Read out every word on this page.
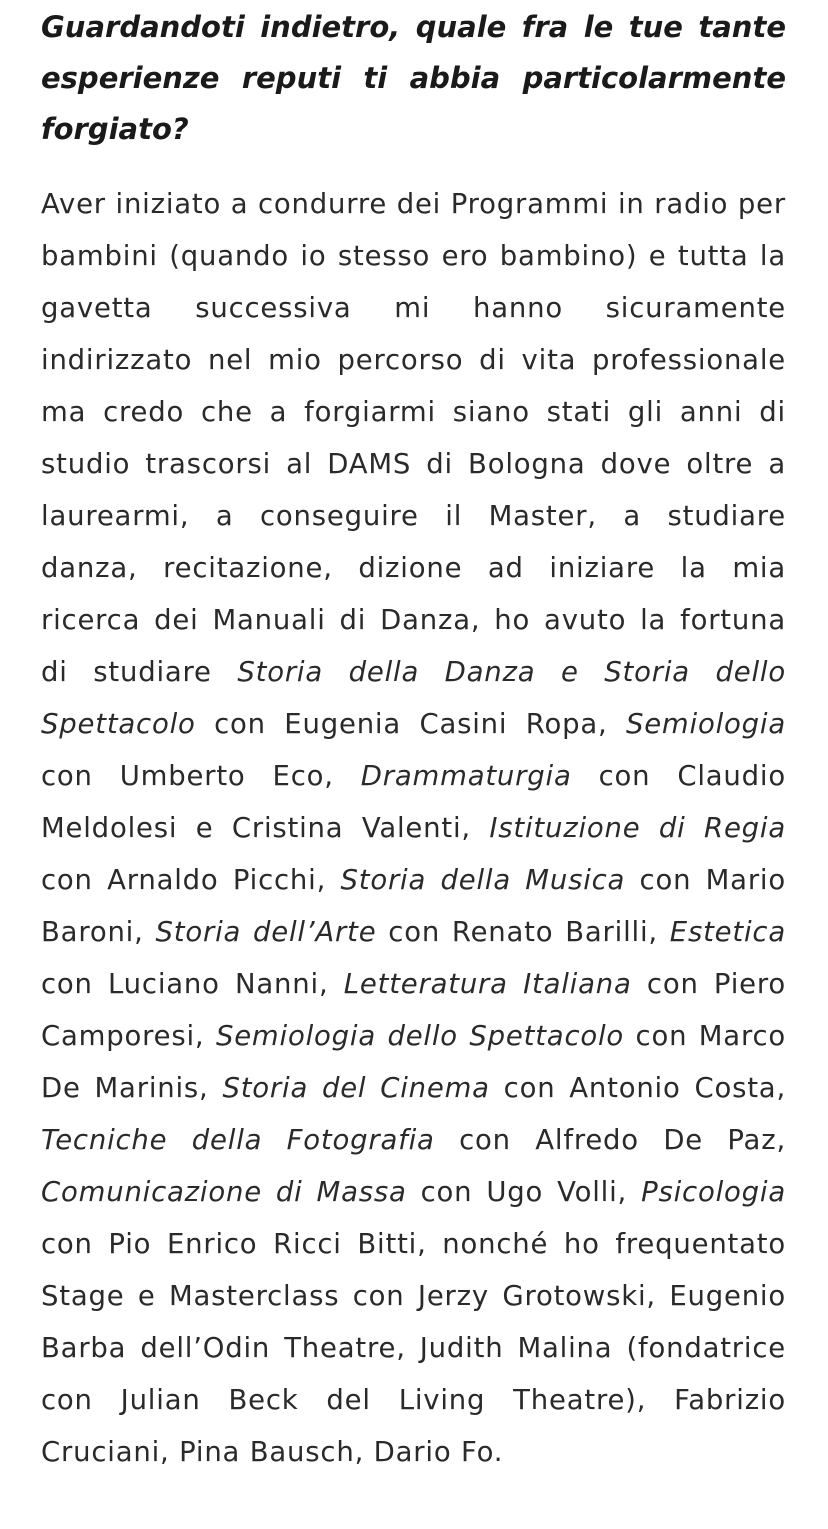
Guardandoti indietro, quale fra le tue tante esperienze reputi ti abbia particolarmente forgiato?

Aver iniziato a condurre dei Programmi in radio per bambini (quando io stesso ero bambino) e tutta la gavetta successiva mi hanno sicuramente indirizzato nel mio percorso di vita professionale ma credo che a forgiarmi siano stati gli anni di studio trascorsi al DAMS di Bologna dove oltre a laurearmi, a conseguire il Master, a studiare danza, recitazione, dizione ad iniziare la mia ricerca dei Manuali di Danza, ho avuto la fortuna di studiare Storia della Danza e Storia dello Spettacolo con Eugenia Casini Ropa, Semiologia con Umberto Eco, Drammaturgia con Claudio Meldolesi e Cristina Valenti, Istituzione di Regia con Arnaldo Picchi, Storia della Musica con Mario Baroni, Storia dell’Arte con Renato Barilli, Estetica con Luciano Nanni, Letteratura Italiana con Piero Camporesi, Semiologia dello Spettacolo con Marco De Marinis, Storia del Cinema con Antonio Costa, Tecniche della Fotografia con Alfredo De Paz, Comunicazione di Massa con Ugo Volli, Psicologia con Pio Enrico Ricci Bitti, nonché ho frequentato Stage e Masterclass con Jerzy Grotowski, Eugenio Barba dell’Odin Theatre, Judith Malina (fondatrice con Julian Beck del Living Theatre), Fabrizio Cruciani, Pina Bausch, Dario Fo.
